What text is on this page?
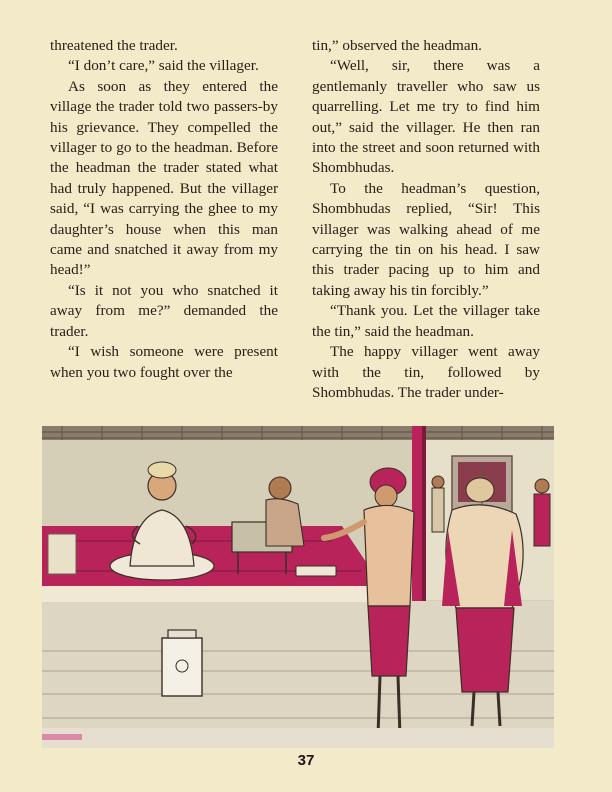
threatened the trader.

“I don’t care,” said the villager.

As soon as they entered the village the trader told two passers-by his grievance. They compelled the villager to go to the headman. Before the headman the trader stated what had truly happened. But the villager said, “I was carrying the ghee to my daughter’s house when this man came and snatched it away from my head!”

“Is it not you who snatched it away from me?” demanded the trader.

“I wish someone were present when you two fought over the

tin,” observed the headman.

“Well, sir, there was a gentlemanly traveller who saw us quarrelling. Let me try to find him out,” said the villager. He then ran into the street and soon returned with Shombhudas.

To the headman’s question, Shombhudas replied, “Sir! This villager was walking ahead of me carrying the tin on his head. I saw this trader pacing up to him and taking away his tin forcibly.”

“Thank you. Let the villager take the tin,” said the headman.

The happy villager went away with the tin, followed by Shombhudas. The trader under-

37
